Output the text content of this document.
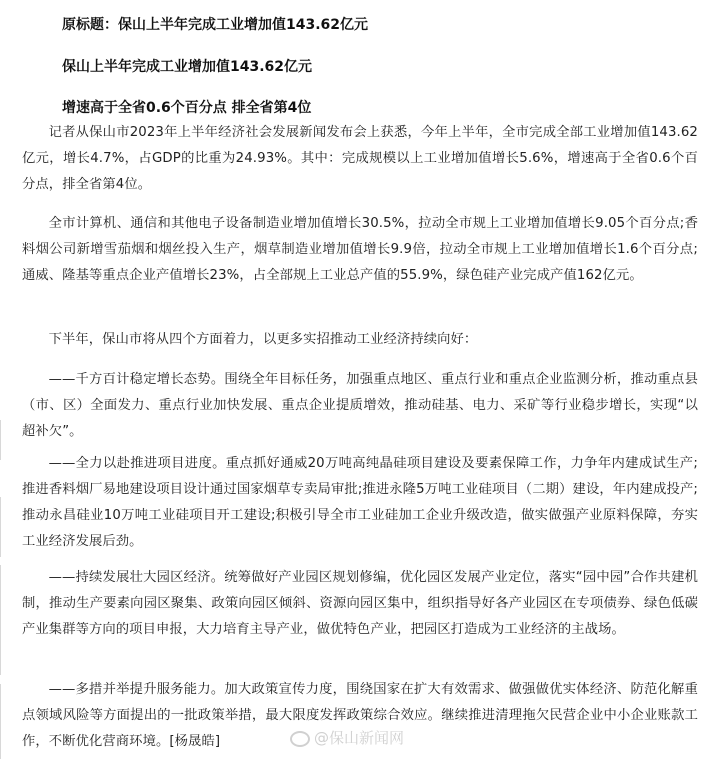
原标题：保山上半年完成工业增加值143.62亿元
保山上半年完成工业增加值143.62亿元
增速高于全省0.6个百分点 排全省第4位

记者从保山市2023年上半年经济社会发展新闻发布会上获悉，今年上半年，全市完成全部工业增加值143.62亿元，增长4.7%，占GDP的比重为24.93%。其中：完成规模以上工业增加值增长5.6%，增速高于全省0.6个百分点，排全省第4位。

全市计算机、通信和其他电子设备制造业增加值增长30.5%，拉动全市规上工业增加值增长9.05个百分点;香料烟公司新增雪茄烟和烟丝投入生产，烟草制造业增加值增长9.9倍，拉动全市规上工业增加值增长1.6个百分点;通威、隆基等重点企业产值增长23%，占全部规上工业总产值的55.9%，绿色硅产业完成产值162亿元。

下半年，保山市将从四个方面着力，以更多实招推动工业经济持续向好：

——千方百计稳定增长态势。围绕全年目标任务，加强重点地区、重点行业和重点企业监测分析，推动重点县（市、区）全面发力、重点行业加快发展、重点企业提质增效，推动硅基、电力、采矿等行业稳步增长，实现“以超补欠”。

——全力以赴推进项目进度。重点抓好通威20万吨高纯晶硅项目建设及要素保障工作，力争年内建成试生产;推进香料烟厂易地建设项目设计通过国家烟草专卖局审批;推进永隆5万吨工业硅项目（二期）建设，年内建成投产;推动永昌硅业10万吨工业硅项目开工建设;积极引导全市工业硅加工企业升级改造，做实做强产业原料保障，夯实工业经济发展后劲。

——持续发展壮大园区经济。统筹做好产业园区规划修编，优化园区发展产业定位，落实“园中园”合作共建机制，推动生产要素向园区聚集、政策向园区倾斜、资源向园区集中，组织指导好各产业园区在专项债券、绿色低碳产业集群等方向的项目申报，大力培育主导产业，做优特色产业，把园区打造成为工业经济的主战场。

——多措并举提升服务能力。加大政策宣传力度，围绕国家在扩大有效需求、做强做优实体经济、防范化解重点领域风险等方面提出的一批政策举措，最大限度发挥政策综合效应。继续推进清理拖欠民营企业中小企业账款工作，不断优化营商环境。[杨晟皓]	@保山新闻网
